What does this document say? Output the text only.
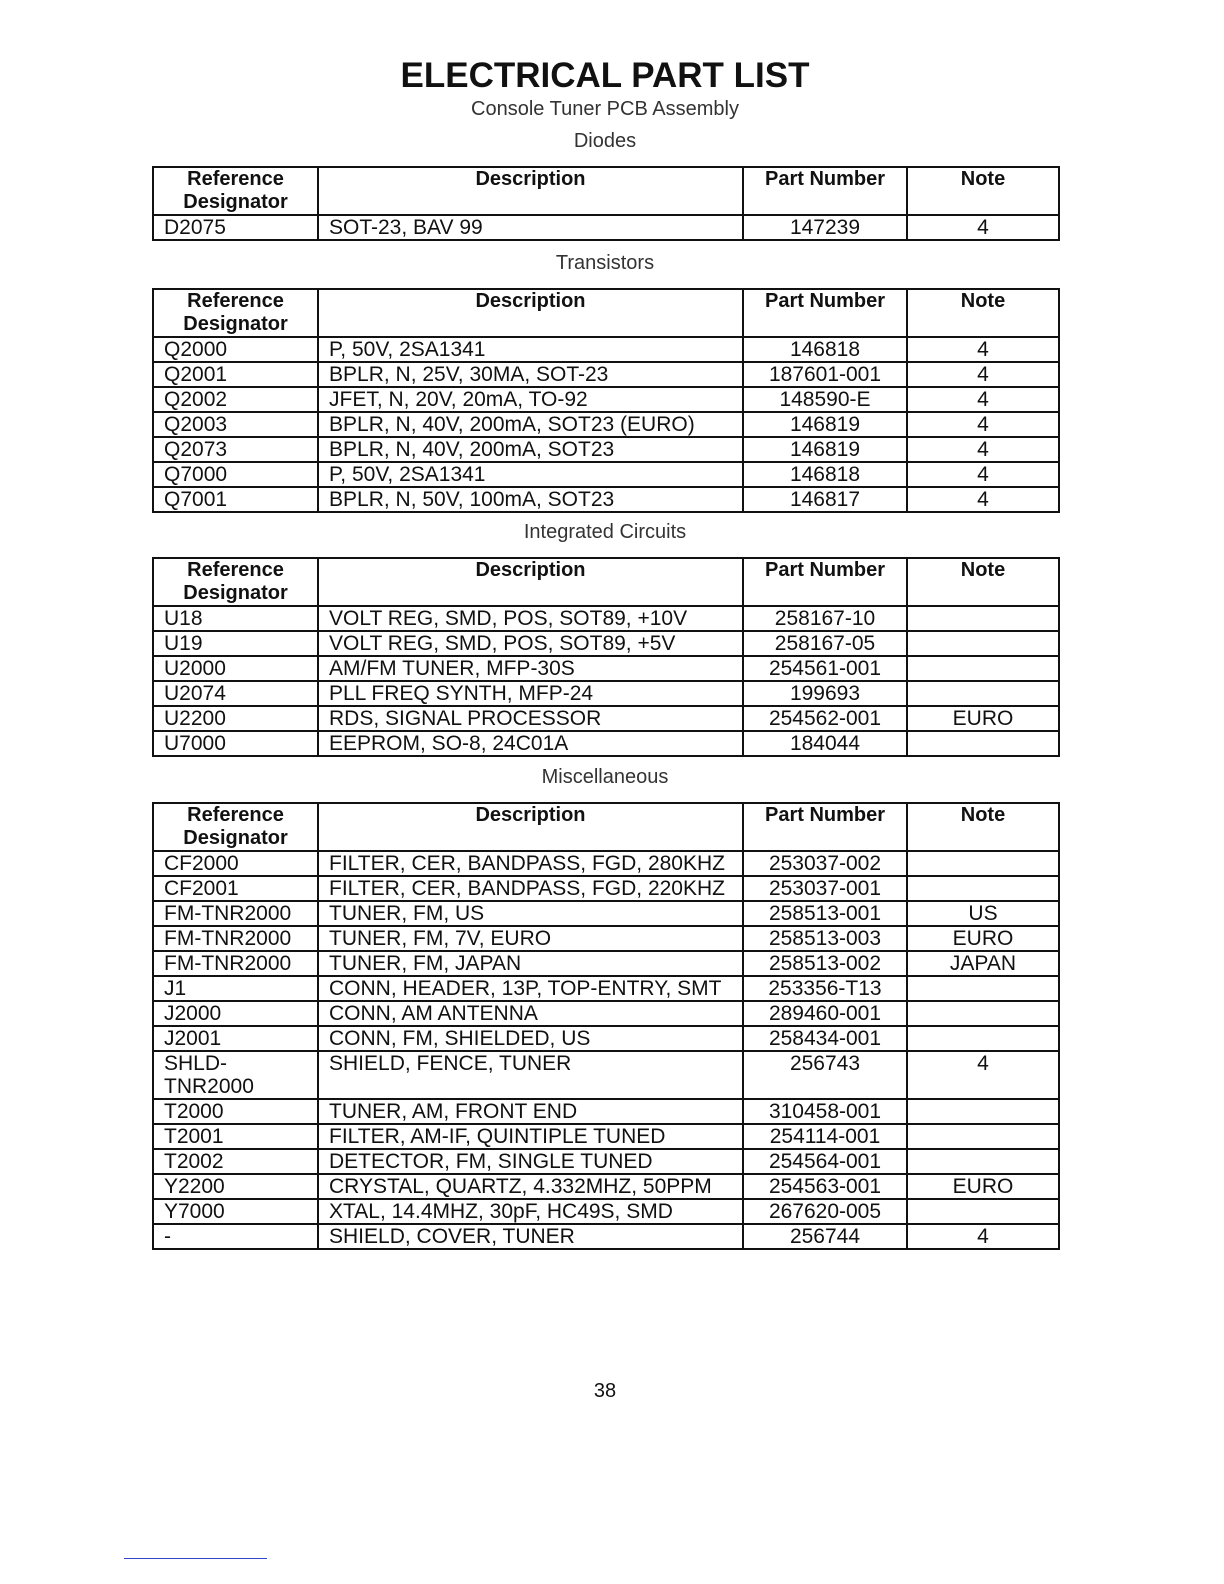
ELECTRICAL PART LIST
Console Tuner PCB Assembly
Diodes
Reference Designator	Description	Part Number	Note
D2075	SOT-23, BAV 99	147239	4
Transistors
Reference Designator	Description	Part Number	Note
Q2000	P, 50V, 2SA1341	146818	4
Q2001	BPLR, N, 25V, 30MA, SOT-23	187601-001	4
Q2002	JFET, N, 20V, 20mA, TO-92	148590-E	4
Q2003	BPLR, N, 40V, 200mA, SOT23 (EURO)	146819	4
Q2073	BPLR, N, 40V, 200mA, SOT23	146819	4
Q7000	P, 50V, 2SA1341	146818	4
Q7001	BPLR, N, 50V, 100mA, SOT23	146817	4
Integrated Circuits
Reference Designator	Description	Part Number	Note
U18	VOLT REG, SMD, POS, SOT89, +10V	258167-10	
U19	VOLT REG, SMD, POS, SOT89, +5V	258167-05	
U2000	AM/FM TUNER, MFP-30S	254561-001	
U2074	PLL FREQ SYNTH, MFP-24	199693	
U2200	RDS, SIGNAL PROCESSOR	254562-001	EURO
U7000	EEPROM, SO-8, 24C01A	184044	
Miscellaneous
Reference Designator	Description	Part Number	Note
CF2000	FILTER, CER, BANDPASS, FGD, 280KHZ	253037-002	
CF2001	FILTER, CER, BANDPASS, FGD, 220KHZ	253037-001	
FM-TNR2000	TUNER, FM, US	258513-001	US
FM-TNR2000	TUNER, FM, 7V, EURO	258513-003	EURO
FM-TNR2000	TUNER, FM, JAPAN	258513-002	JAPAN
J1	CONN, HEADER, 13P, TOP-ENTRY, SMT	253356-T13	
J2000	CONN, AM ANTENNA	289460-001	
J2001	CONN, FM, SHIELDED, US	258434-001	
SHLD-TNR2000	SHIELD, FENCE, TUNER	256743	4
T2000	TUNER, AM, FRONT END	310458-001	
T2001	FILTER, AM-IF, QUINTIPLE TUNED	254114-001	
T2002	DETECTOR, FM, SINGLE TUNED	254564-001	
Y2200	CRYSTAL, QUARTZ, 4.332MHZ, 50PPM	254563-001	EURO
Y7000	XTAL, 14.4MHZ, 30pF, HC49S, SMD	267620-005	
-	SHIELD, COVER, TUNER	256744	4
38
